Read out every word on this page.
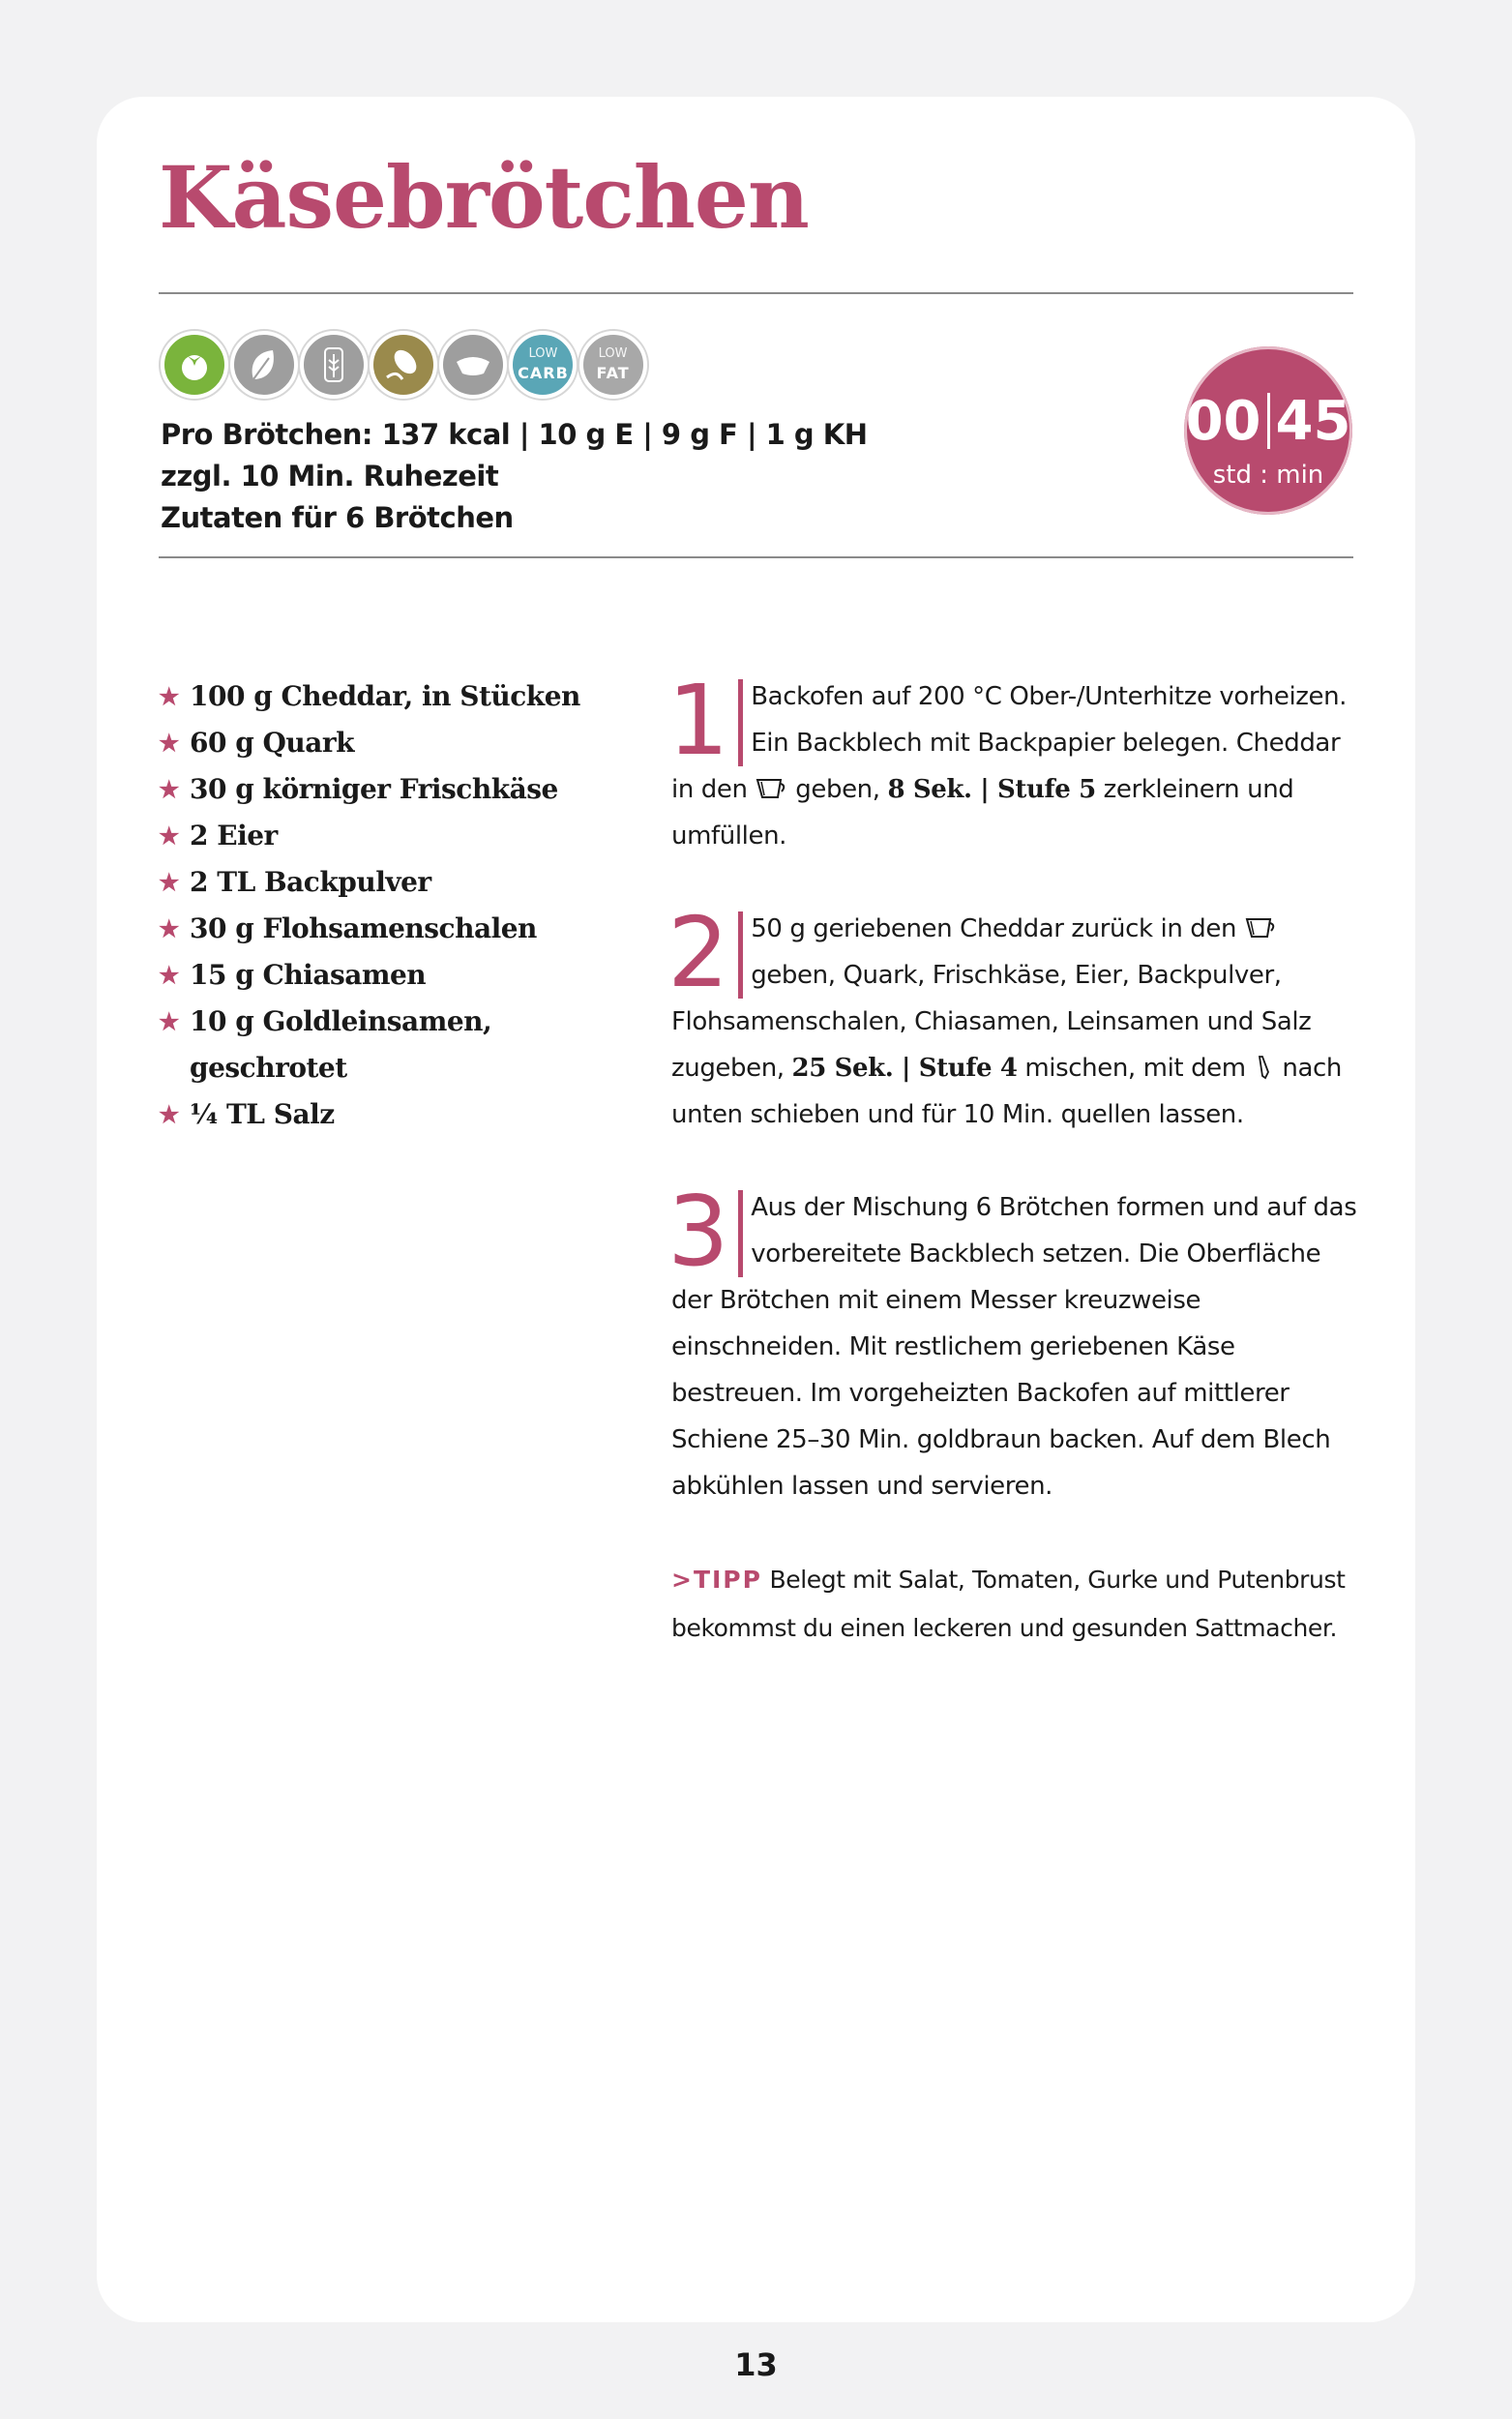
Käsebrötchen

LOW
CARB

LOW
FAT
Pro Brötchen: 137 kcal | 10 g E | 9 g F | 1 g KH
zzgl. 10 Min. Ruhezeit
Zutaten für 6 Brötchen
00 45
std : min
★ 100 g Cheddar, in Stücken
★ 60 g Quark
★ 30 g körniger Frischkäse
★ 2 Eier
★ 2 TL Backpulver
★ 30 g Flohsamenschalen
★ 15 g Chiasamen
★ 10 g Goldleinsamen,
geschrotet
★ ¼ TL Salz
1 Backofen auf 200 °C Ober-/Unterhitze vorheizen. Ein Backblech mit Backpapier belegen. Cheddar in den  geben, 8 Sek. | Stufe 5 zerkleinern und umfüllen.

2 50 g geriebenen Cheddar zurück in den  geben, Quark, Frischkäse, Eier, Backpulver, Flohsamenschalen, Chiasamen, Leinsamen und Salz zugeben, 25 Sek. | Stufe 4 mischen, mit dem  nach unten schieben und für 10 Min. quellen lassen.

3 Aus der Mischung 6 Brötchen formen und auf das vorbereitete Backblech setzen. Die Oberfläche der Brötchen mit einem Messer kreuzweise einschneiden. Mit restlichem geriebenen Käse bestreuen. Im vorgeheizten Backofen auf mittlerer Schiene 25–30 Min. goldbraun backen. Auf dem Blech abkühlen lassen und servieren.

>TIPP Belegt mit Salat, Tomaten, Gurke und Putenbrust bekommst du einen leckeren und gesunden Sattmacher.

13
